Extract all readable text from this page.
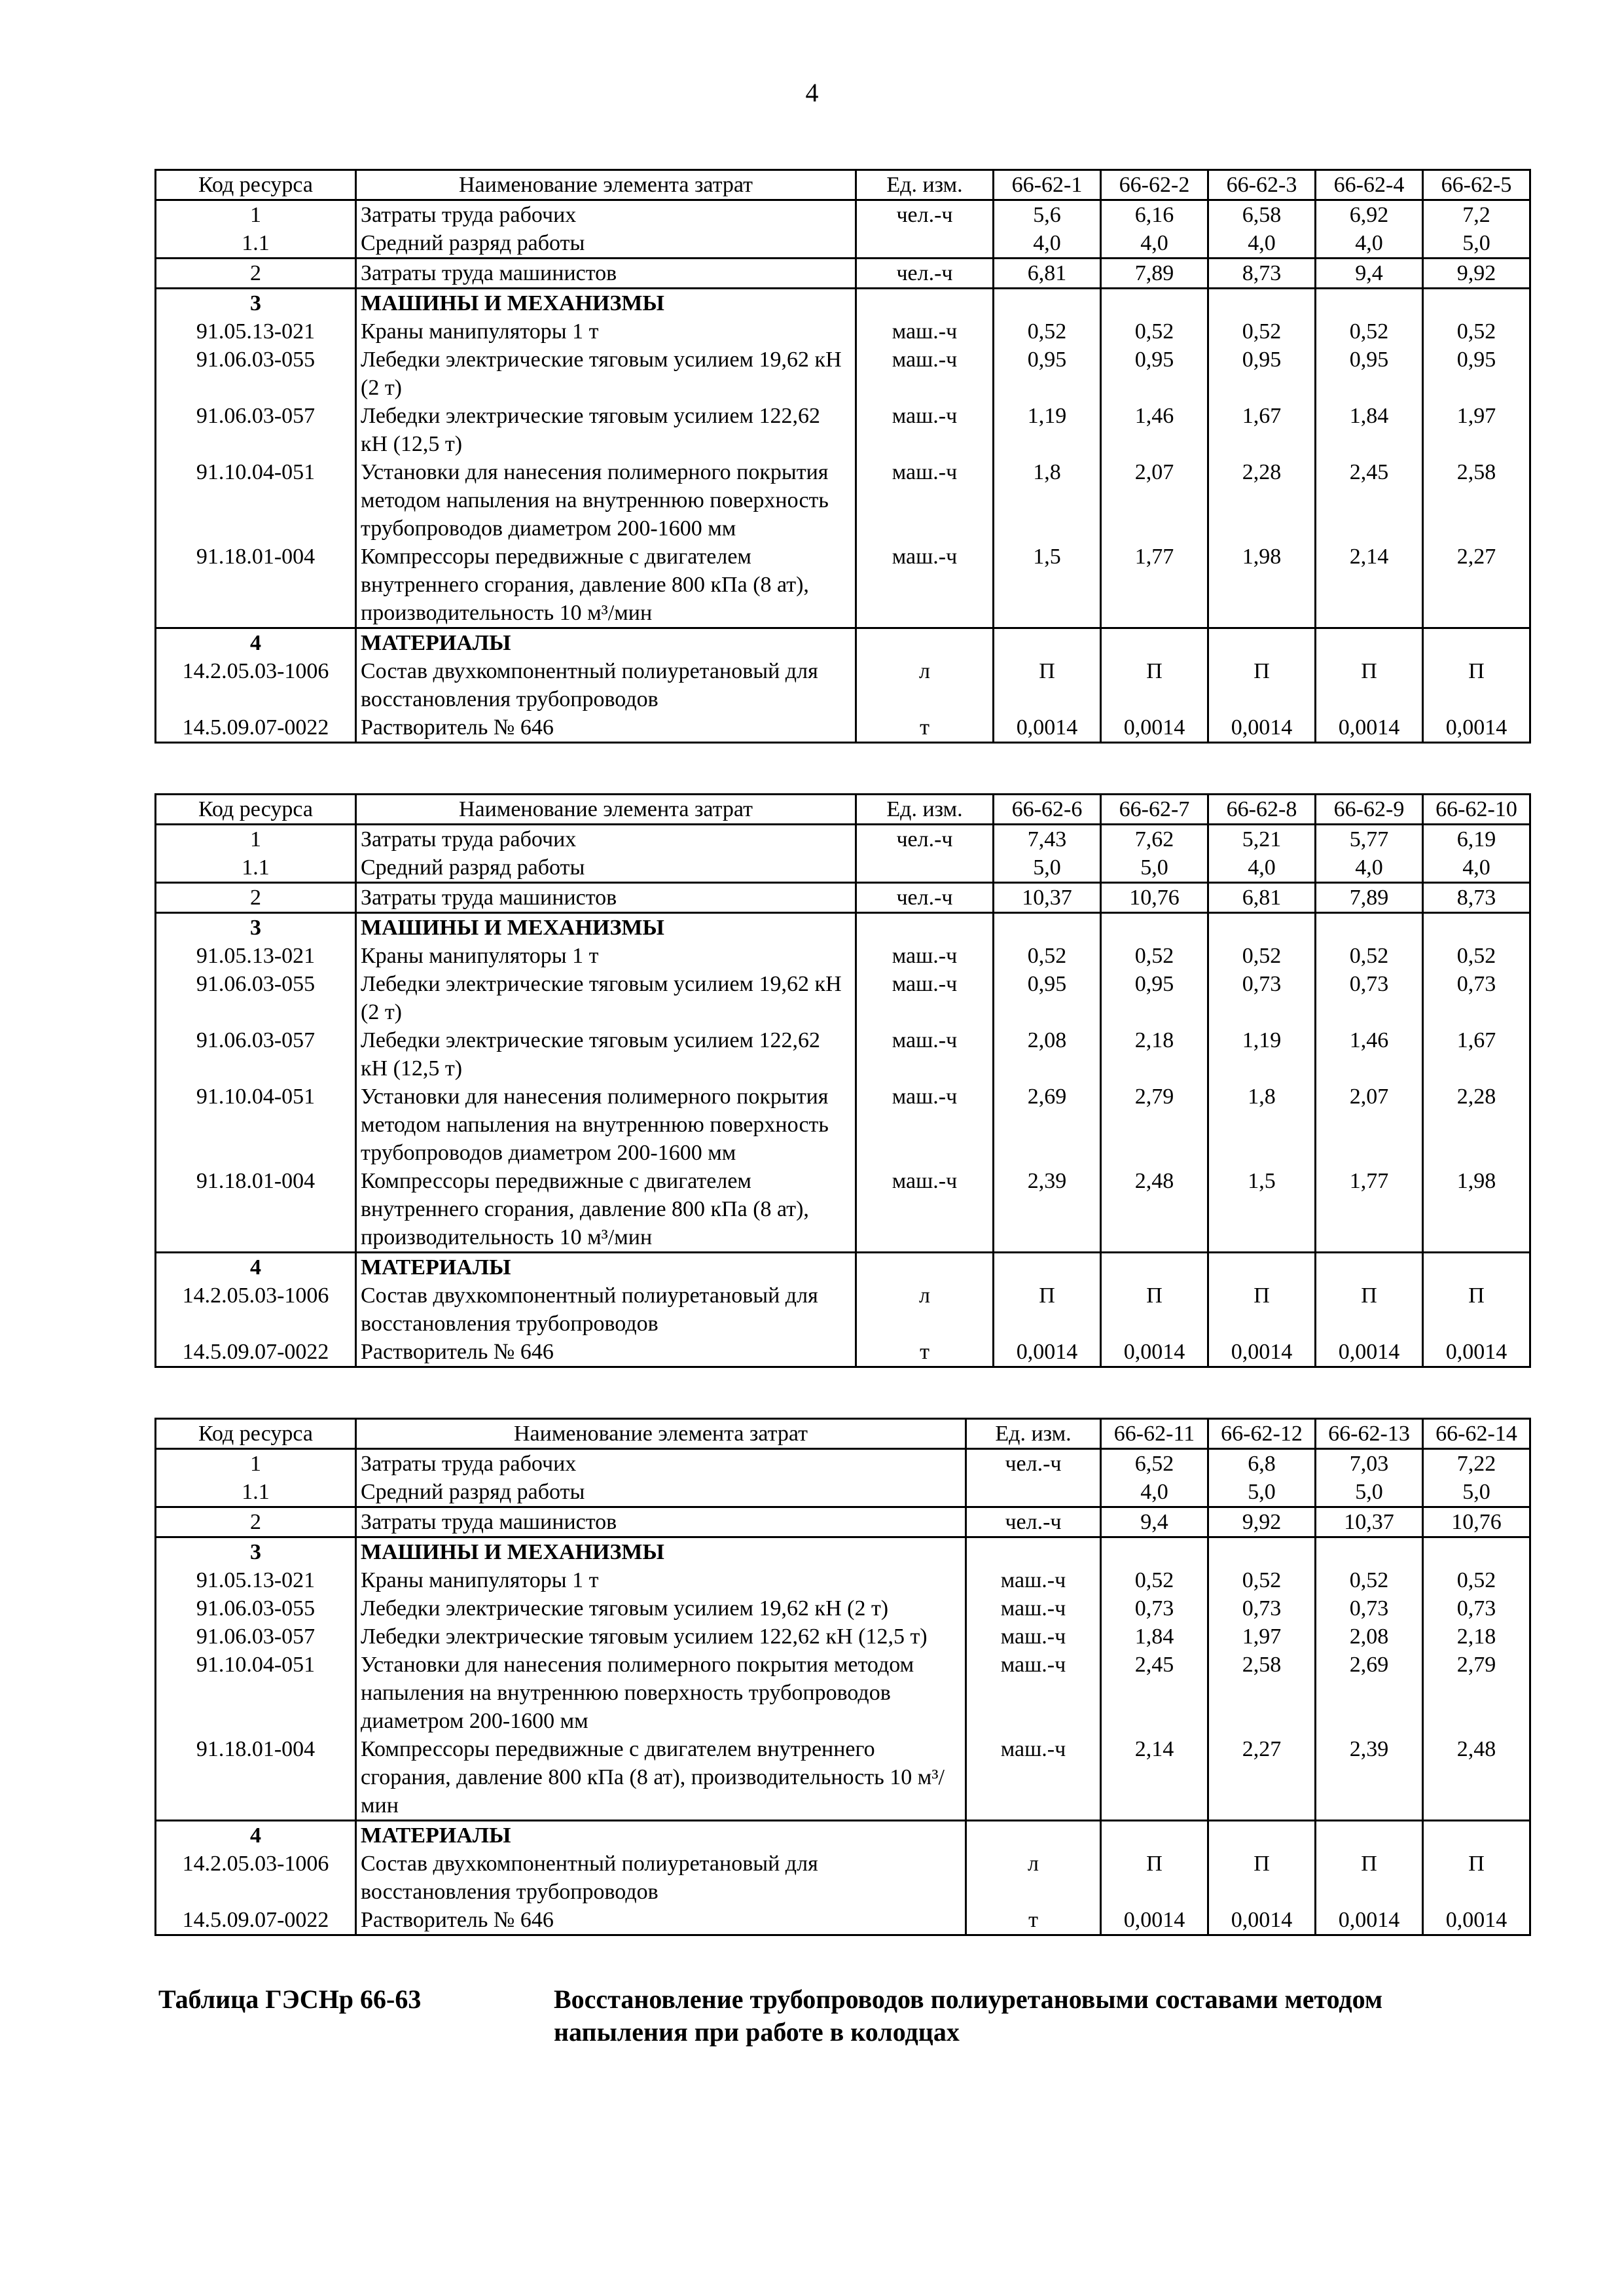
4
Код ресурса	Наименование элемента затрат	Ед. изм.	66-62-1	66-62-2	66-62-3	66-62-4	66-62-5
1	Затраты труда рабочих	чел.-ч	5,6	6,16	6,58	6,92	7,2
1.1	Средний разряд работы		4,0	4,0	4,0	4,0	5,0
2	Затраты труда машинистов	чел.-ч	6,81	7,89	8,73	9,4	9,92
3	МАШИНЫ И МЕХАНИЗМЫ						
91.05.13-021	Краны манипуляторы 1 т	маш.-ч	0,52	0,52	0,52	0,52	0,52
91.06.03-055	Лебедки электрические тяговым усилием 19,62 кН (2 т)	маш.-ч	0,95	0,95	0,95	0,95	0,95
91.06.03-057	Лебедки электрические тяговым усилием 122,62 кН (12,5 т)	маш.-ч	1,19	1,46	1,67	1,84	1,97
91.10.04-051	Установки для нанесения полимерного покрытия методом напыления на внутреннюю поверхность трубопроводов диаметром 200-1600 мм	маш.-ч	1,8	2,07	2,28	2,45	2,58
91.18.01-004	Компрессоры передвижные с двигателем внутреннего сгорания, давление 800 кПа (8 ат), производительность 10 м³/мин	маш.-ч	1,5	1,77	1,98	2,14	2,27
4	МАТЕРИАЛЫ						
14.2.05.03-1006	Состав двухкомпонентный полиуретановый для восстановления трубопроводов	л	П	П	П	П	П
14.5.09.07-0022	Растворитель № 646	т	0,0014	0,0014	0,0014	0,0014	0,0014
Код ресурса	Наименование элемента затрат	Ед. изм.	66-62-6	66-62-7	66-62-8	66-62-9	66-62-10
1	Затраты труда рабочих	чел.-ч	7,43	7,62	5,21	5,77	6,19
1.1	Средний разряд работы		5,0	5,0	4,0	4,0	4,0
2	Затраты труда машинистов	чел.-ч	10,37	10,76	6,81	7,89	8,73
3	МАШИНЫ И МЕХАНИЗМЫ						
91.05.13-021	Краны манипуляторы 1 т	маш.-ч	0,52	0,52	0,52	0,52	0,52
91.06.03-055	Лебедки электрические тяговым усилием 19,62 кН (2 т)	маш.-ч	0,95	0,95	0,73	0,73	0,73
91.06.03-057	Лебедки электрические тяговым усилием 122,62 кН (12,5 т)	маш.-ч	2,08	2,18	1,19	1,46	1,67
91.10.04-051	Установки для нанесения полимерного покрытия методом напыления на внутреннюю поверхность трубопроводов диаметром 200-1600 мм	маш.-ч	2,69	2,79	1,8	2,07	2,28
91.18.01-004	Компрессоры передвижные с двигателем внутреннего сгорания, давление 800 кПа (8 ат), производительность 10 м³/мин	маш.-ч	2,39	2,48	1,5	1,77	1,98
4	МАТЕРИАЛЫ						
14.2.05.03-1006	Состав двухкомпонентный полиуретановый для восстановления трубопроводов	л	П	П	П	П	П
14.5.09.07-0022	Растворитель № 646	т	0,0014	0,0014	0,0014	0,0014	0,0014
Код ресурса	Наименование элемента затрат	Ед. изм.	66-62-11	66-62-12	66-62-13	66-62-14
1	Затраты труда рабочих	чел.-ч	6,52	6,8	7,03	7,22
1.1	Средний разряд работы		4,0	5,0	5,0	5,0
2	Затраты труда машинистов	чел.-ч	9,4	9,92	10,37	10,76
3	МАШИНЫ И МЕХАНИЗМЫ					
91.05.13-021	Краны манипуляторы 1 т	маш.-ч	0,52	0,52	0,52	0,52
91.06.03-055	Лебедки электрические тяговым усилием 19,62 кН (2 т)	маш.-ч	0,73	0,73	0,73	0,73
91.06.03-057	Лебедки электрические тяговым усилием 122,62 кН (12,5 т)	маш.-ч	1,84	1,97	2,08	2,18
91.10.04-051	Установки для нанесения полимерного покрытия методом напыления на внутреннюю поверхность трубопроводов диаметром 200-1600 мм	маш.-ч	2,45	2,58	2,69	2,79
91.18.01-004	Компрессоры передвижные с двигателем внутреннего сгорания, давление 800 кПа (8 ат), производительность 10 м³/мин	маш.-ч	2,14	2,27	2,39	2,48
4	МАТЕРИАЛЫ					
14.2.05.03-1006	Состав двухкомпонентный полиуретановый для восстановления трубопроводов	л	П	П	П	П
14.5.09.07-0022	Растворитель № 646	т	0,0014	0,0014	0,0014	0,0014
Таблица ГЭСНр 66-63	Восстановление трубопроводов полиуретановыми составами методом напыления при работе в колодцах
